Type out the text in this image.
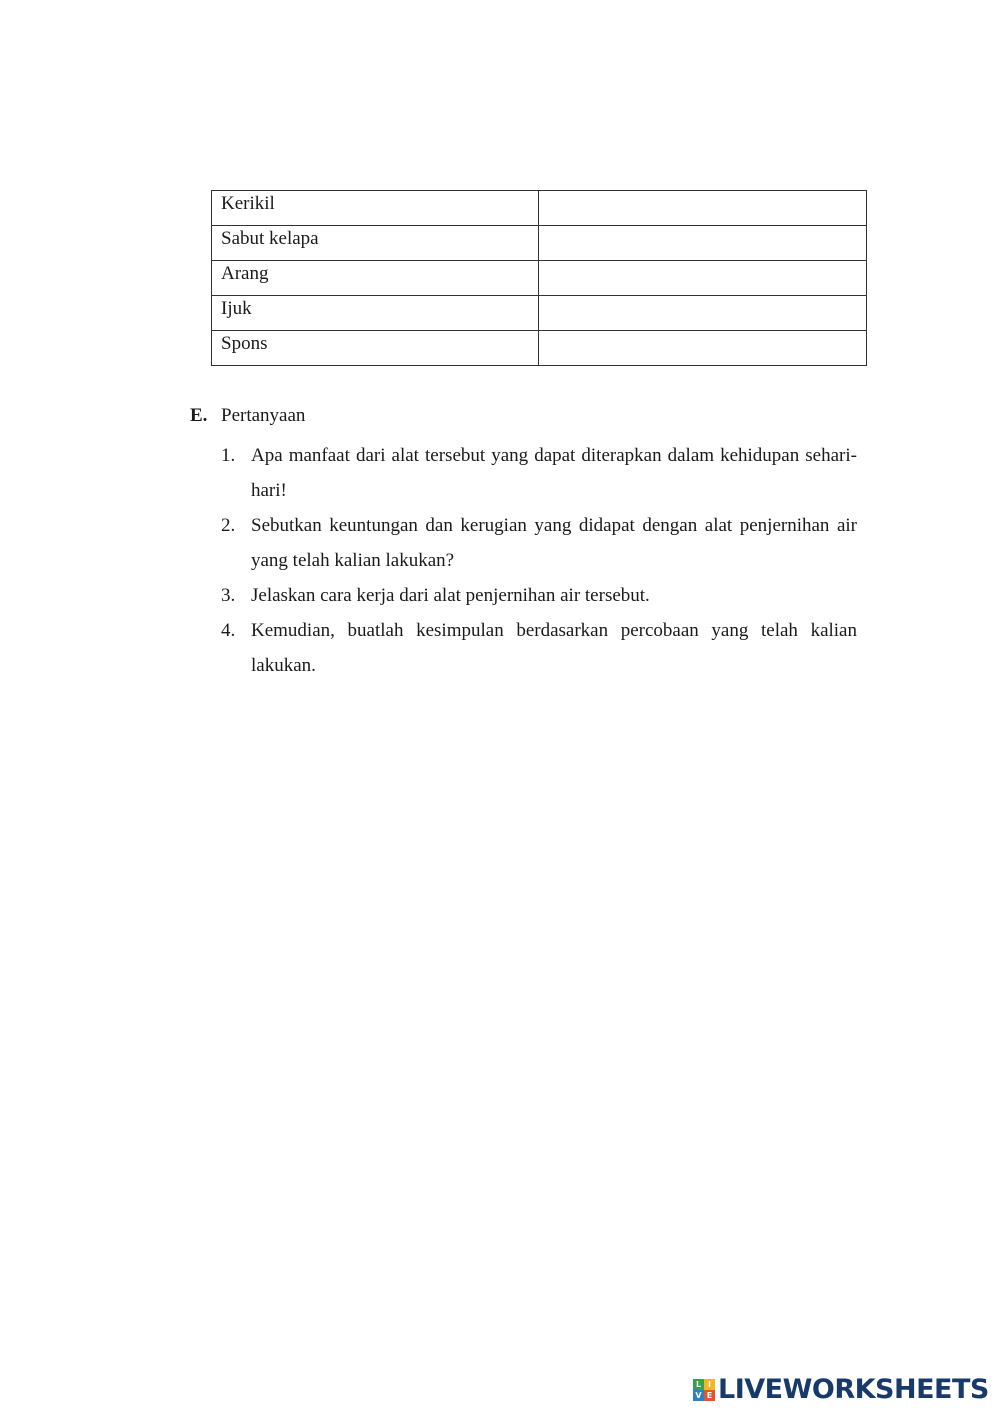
Kerikil	
Sabut kelapa	
Arang	
Ijuk	
Spons	
E. Pertanyaan
1. Apa manfaat dari alat tersebut yang dapat diterapkan dalam kehidupan sehari-hari!
2. Sebutkan keuntungan dan kerugian yang didapat dengan alat penjernihan air yang telah kalian lakukan?
3. Jelaskan cara kerja dari alat penjernihan air tersebut.
4. Kemudian, buatlah kesimpulan berdasarkan percobaan yang telah kalian lakukan.
L I
V E LIVEWORKSHEETS
